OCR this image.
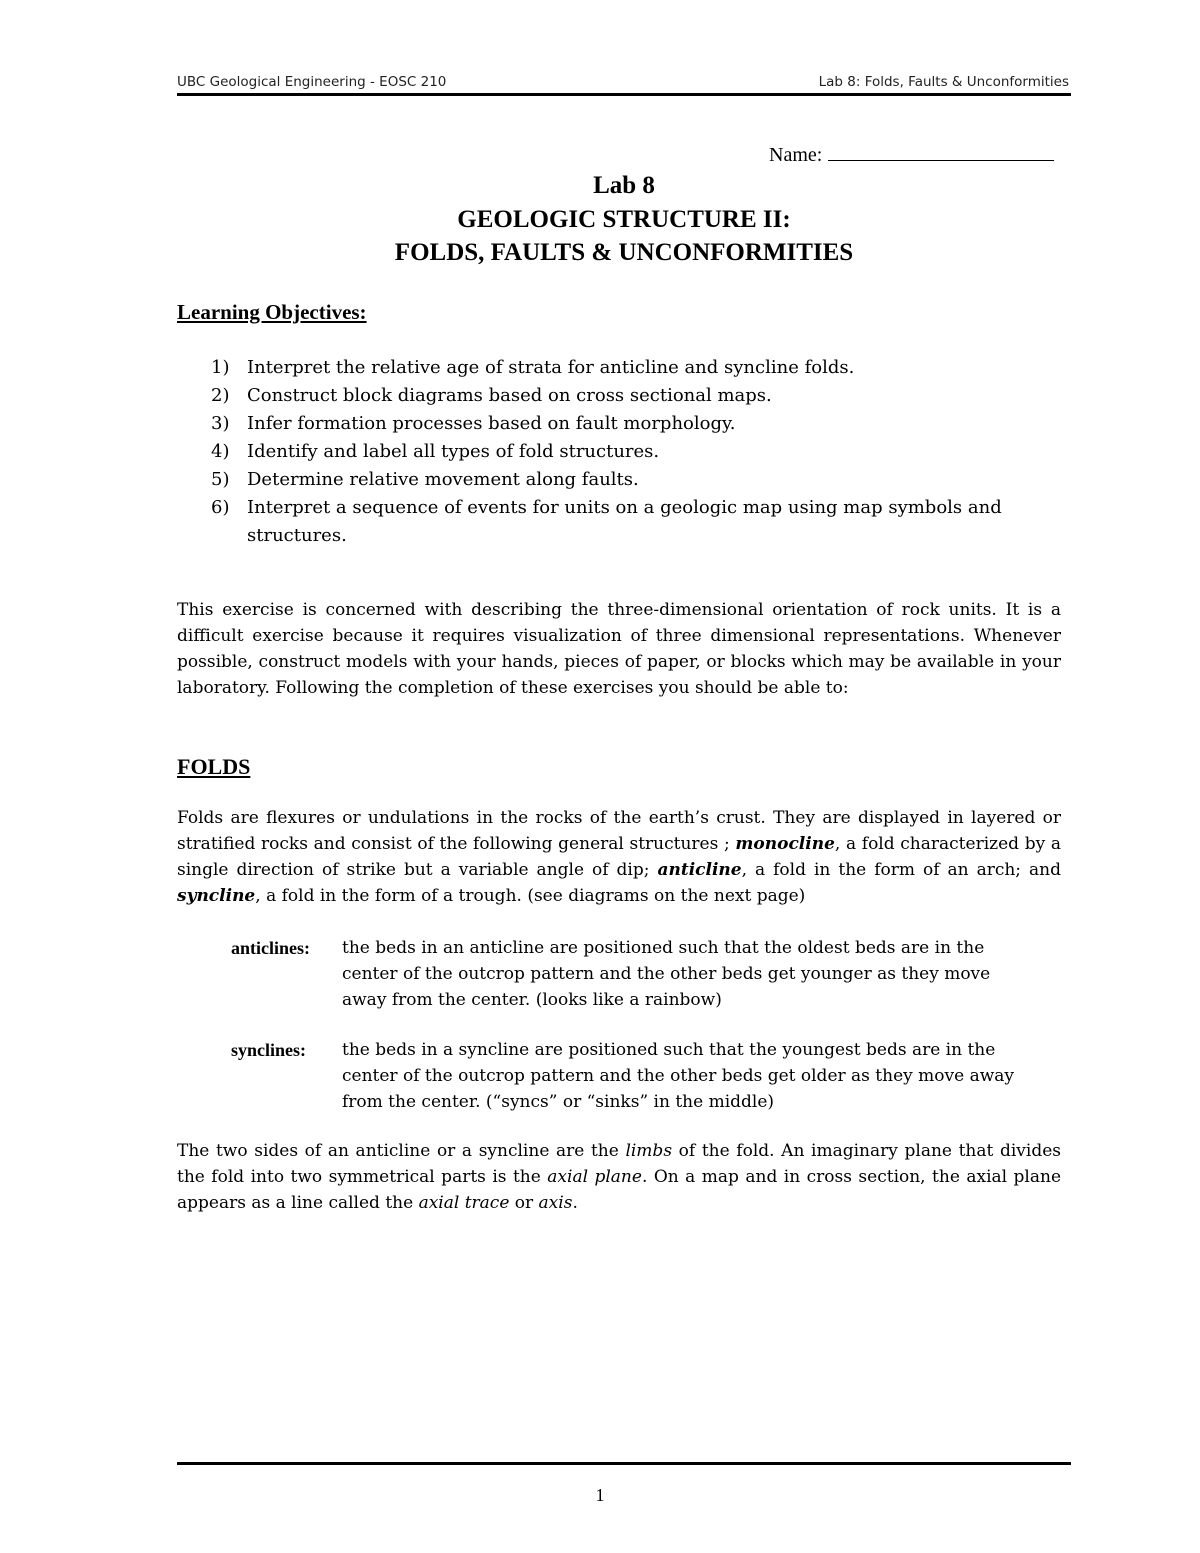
UBC Geological Engineering - EOSC 210	Lab 8: Folds, Faults & Unconformities
Name:
Lab 8
GEOLOGIC STRUCTURE II:
FOLDS, FAULTS & UNCONFORMITIES
Learning Objectives:
1) Interpret the relative age of strata for anticline and syncline folds.
2) Construct block diagrams based on cross sectional maps.
3) Infer formation processes based on fault morphology.
4) Identify and label all types of fold structures.
5) Determine relative movement along faults.
6) Interpret a sequence of events for units on a geologic map using map symbols and structures.

This exercise is concerned with describing the three-dimensional orientation of rock units. It is a difficult exercise because it requires visualization of three dimensional representations. Whenever possible, construct models with your hands, pieces of paper, or blocks which may be available in your laboratory. Following the completion of these exercises you should be able to:

FOLDS

Folds are flexures or undulations in the rocks of the earth’s crust. They are displayed in layered or stratified rocks and consist of the following general structures ; monocline, a fold characterized by a single direction of strike but a variable angle of dip; anticline, a fold in the form of an arch; and syncline, a fold in the form of a trough. (see diagrams on the next page)

anticlines: the beds in an anticline are positioned such that the oldest beds are in the center of the outcrop pattern and the other beds get younger as they move away from the center. (looks like a rainbow)
synclines: the beds in a syncline are positioned such that the youngest beds are in the center of the outcrop pattern and the other beds get older as they move away from the center. (“syncs” or “sinks” in the middle)

The two sides of an anticline or a syncline are the limbs of the fold. An imaginary plane that divides the fold into two symmetrical parts is the axial plane. On a map and in cross section, the axial plane appears as a line called the axial trace or axis.

1
